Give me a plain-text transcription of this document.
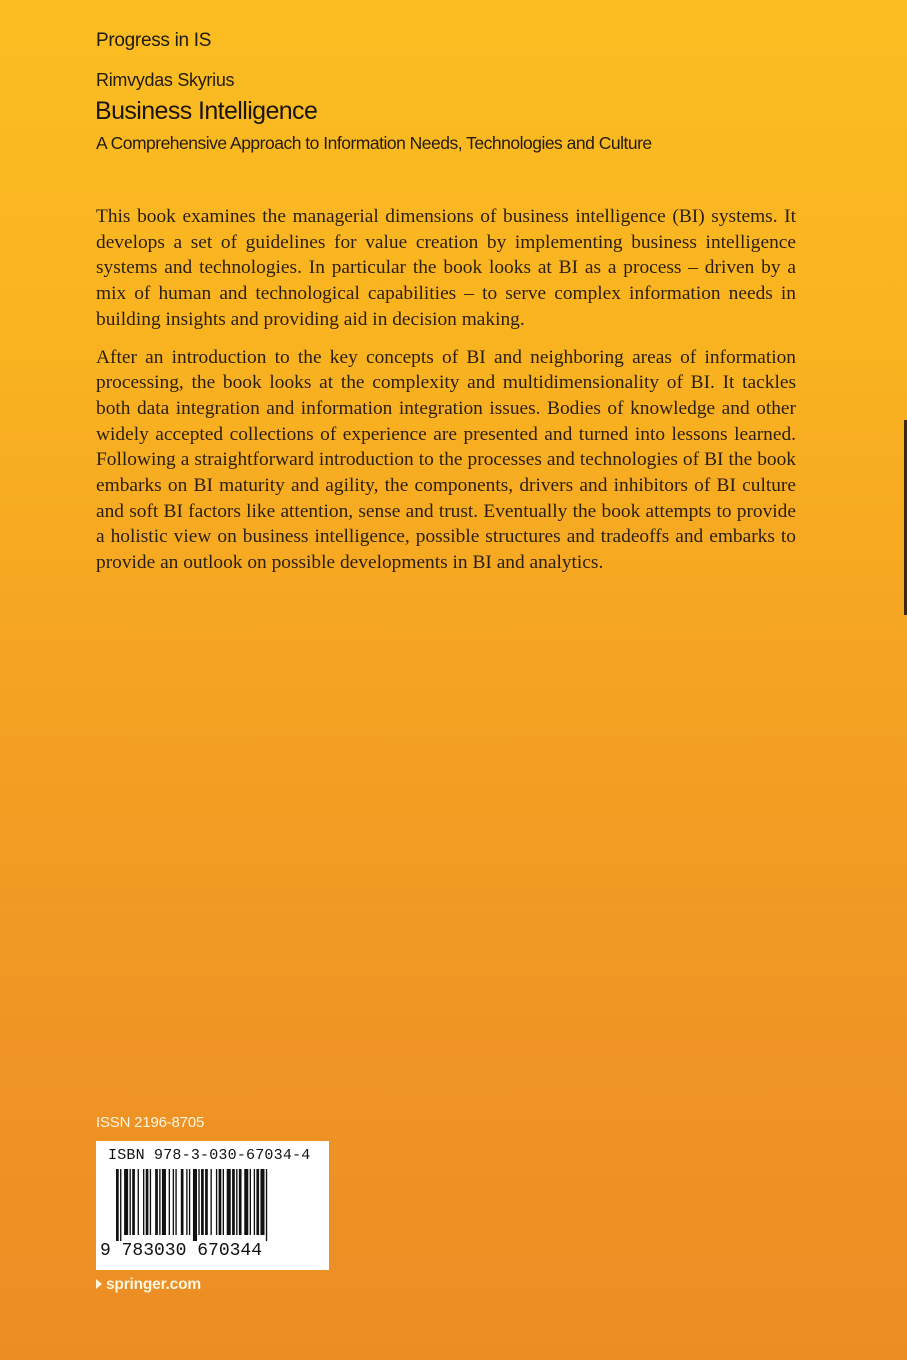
Progress in IS
Rimvydas Skyrius
Business Intelligence
A Comprehensive Approach to Information Needs, Technologies and Culture

This book examines the managerial dimensions of business intelligence (BI) systems. It develops a set of guidelines for value creation by implementing business intelligence systems and technologies. In particular the book looks at BI as a process – driven by a mix of human and technological capabilities – to serve complex information needs in building insights and providing aid in decision making.

After an introduction to the key concepts of BI and neighboring areas of information processing, the book looks at the complexity and multidimensionality of BI. It tackles both data integration and information integration issues. Bodies of knowledge and other widely accepted collections of experience are presented and turned into lessons learned. Following a straightforward introduction to the processes and technologies of BI the book embarks on BI maturity and agility, the components, drivers and inhibitors of BI culture and soft BI factors like attention, sense and trust. Eventually the book attempts to provide a holistic view on business intelligence, possible structures and tradeoffs and embarks to provide an outlook on possible developments in BI and analytics.

ISSN 2196-8705
ISBN 978-3-030-67034-4
9 783030 670344
springer.com
